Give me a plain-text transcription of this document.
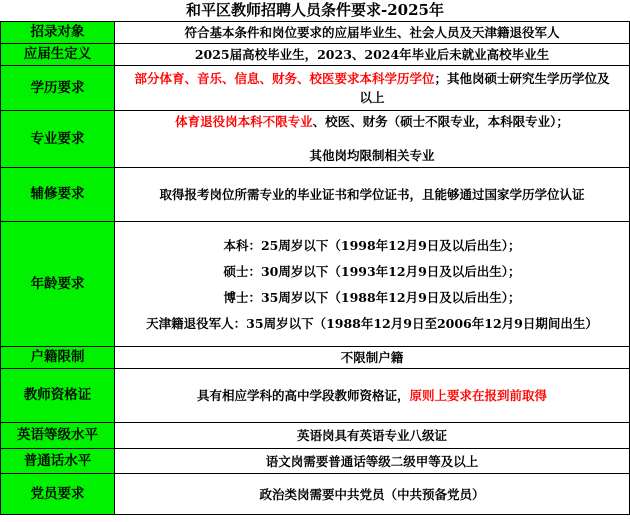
和平区教师招聘人员条件要求-2025年	
招录对象	符合基本条件和岗位要求的应届毕业生、社会人员及天津籍退役军人
应届生定义	2025届高校毕业生，2023、2024年毕业后未就业高校毕业生
学历要求	部分体育、音乐、信息、财务、校医要求本科学历学位；其他岗硕士研究生学历学位及以上
专业要求	体育退役岗本科不限专业、校医、财务（硕士不限专业，本科限专业）；
其他岗均限制相关专业

辅修要求	取得报考岗位所需专业的毕业证书和学位证书，且能够通过国家学历学位认证
年龄要求	本科：25周岁以下（1998年12月9日及以后出生）；
硕士：30周岁以下（1993年12月9日及以后出生）；
博士：35周岁以下（1988年12月9日及以后出生）；
天津籍退役军人：35周岁以下（1988年12月9日至2006年12月9日期间出生）

户籍限制	不限制户籍
教师资格证	具有相应学科的高中学段教师资格证，原则上要求在报到前取得
英语等级水平	英语岗具有英语专业八级证
普通话水平	语文岗需要普通话等级二级甲等及以上
党员要求	政治类岗需要中共党员（中共预备党员）
